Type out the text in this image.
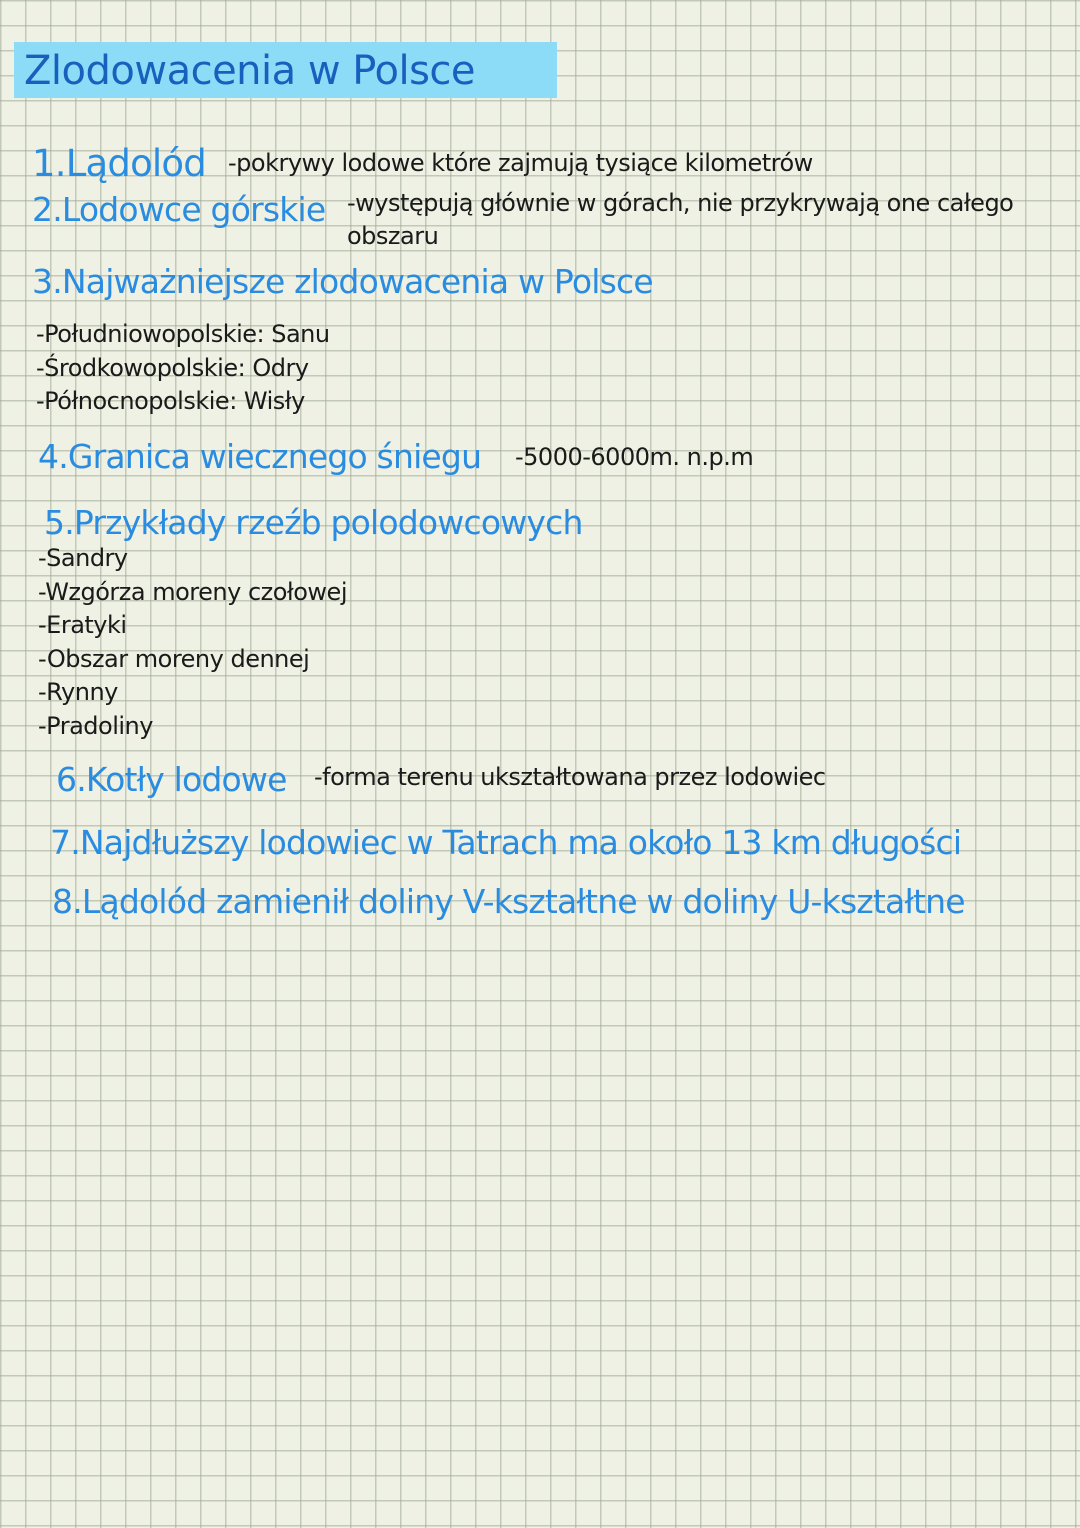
Zlodowacenia w Polsce
1.Lądolód -pokrywy lodowe które zajmują tysiące kilometrów
2.Lodowce górskie -występują głównie w górach, nie przykrywają one całego
obszaru
3.Najważniejsze zlodowacenia w Polsce
-Południowopolskie: Sanu
-Środkowopolskie: Odry
-Północnopolskie: Wisły
4.Granica wiecznego śniegu -5000-6000m. n.p.m
5.Przykłady rzeźb polodowcowych
-Sandry
-Wzgórza moreny czołowej
-Eratyki
-Obszar moreny dennej
-Rynny
-Pradoliny
6.Kotły lodowe -forma terenu ukształtowana przez lodowiec
7.Najdłuższy lodowiec w Tatrach ma około 13 km długości
8.Lądolód zamienił doliny V-kształtne w doliny U-kształtne
